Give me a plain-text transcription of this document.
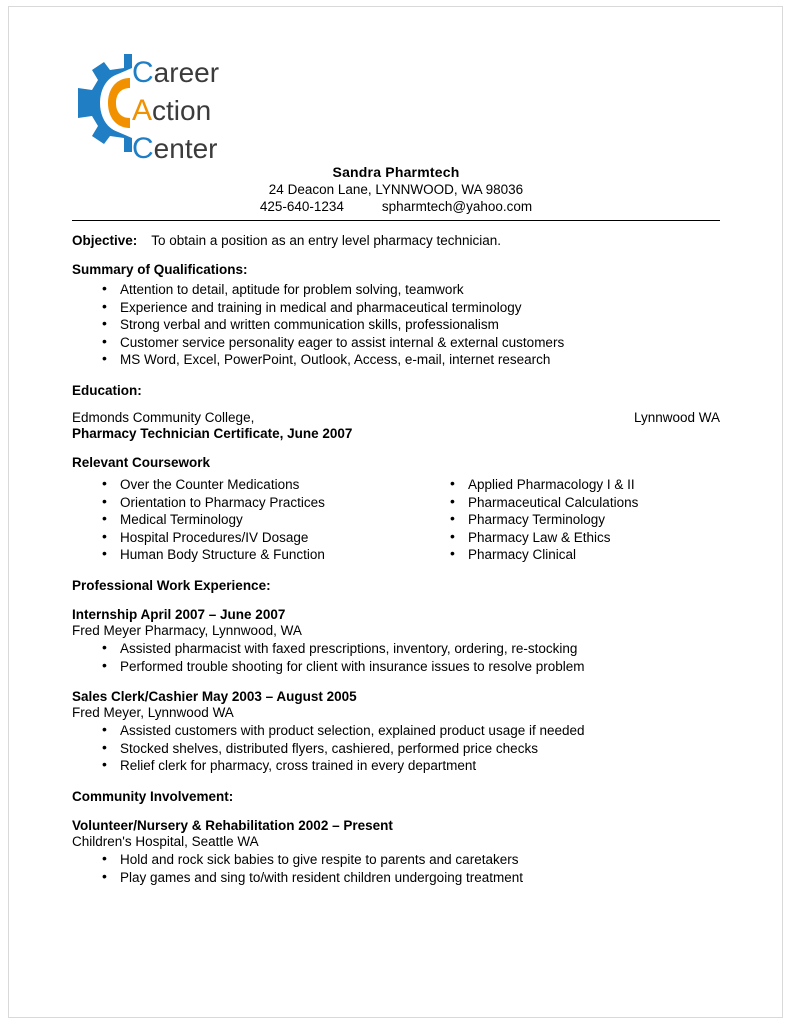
Career
Action
Center

Sandra Pharmtech

24 Deacon Lane, LYNNWOOD, WA 98036

425-640-1234	spharmtech@yahoo.com

Objective: To obtain a position as an entry level pharmacy technician.

Summary of Qualifications:

• Attention to detail, aptitude for problem solving, teamwork
• Experience and training in medical and pharmaceutical terminology
• Strong verbal and written communication skills, professionalism
• Customer service personality eager to assist internal & external customers
• MS Word, Excel, PowerPoint, Outlook, Access, e-mail, internet research

Education:

Edmonds Community College,	Lynnwood WA
Pharmacy Technician Certificate, June 2007

Relevant Coursework

• Over the Counter Medications
• Orientation to Pharmacy Practices
• Medical Terminology
• Hospital Procedures/IV Dosage
• Human Body Structure & Function
• Applied Pharmacology I & II
• Pharmaceutical Calculations
• Pharmacy Terminology
• Pharmacy Law & Ethics
• Pharmacy Clinical

Professional Work Experience:

Internship April 2007 – June 2007

Fred Meyer Pharmacy, Lynnwood, WA

• Assisted pharmacist with faxed prescriptions, inventory, ordering, re-stocking
• Performed trouble shooting for client with insurance issues to resolve problem

Sales Clerk/Cashier May 2003 – August 2005

Fred Meyer, Lynnwood WA

• Assisted customers with product selection, explained product usage if needed
• Stocked shelves, distributed flyers, cashiered, performed price checks
• Relief clerk for pharmacy, cross trained in every department

Community Involvement:

Volunteer/Nursery & Rehabilitation 2002 – Present

Children's Hospital, Seattle WA

• Hold and rock sick babies to give respite to parents and caretakers
• Play games and sing to/with resident children undergoing treatment
